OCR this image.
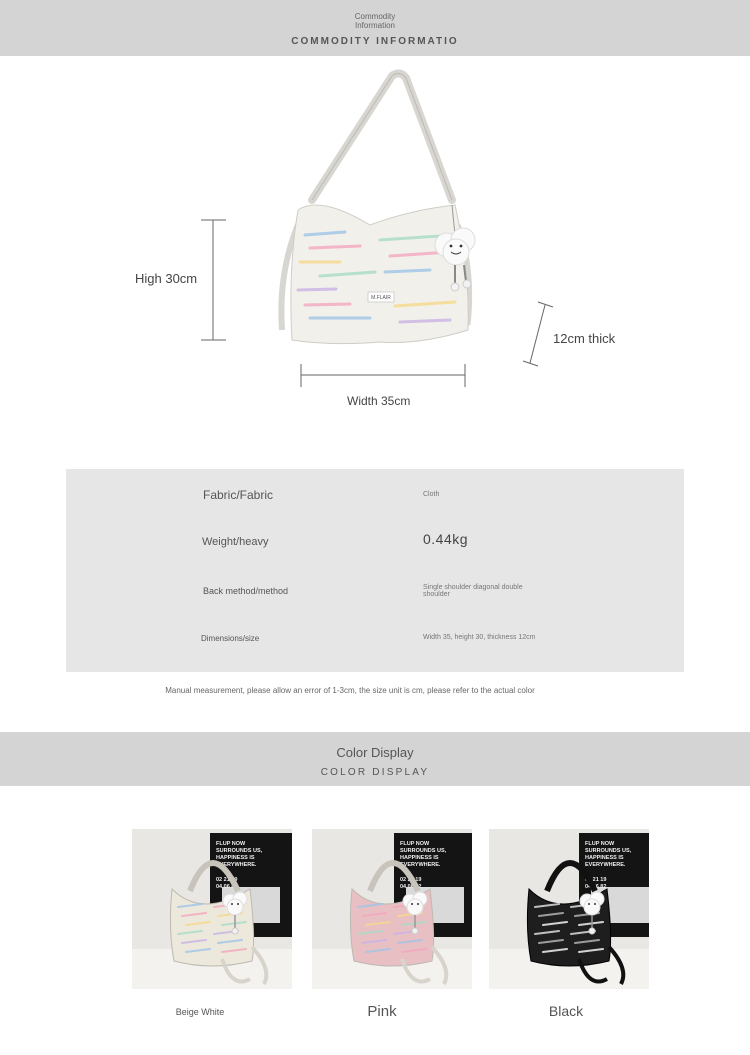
Commodity
Information
COMMODITY INFORMATIO
M.FLAIR
High 30cm
12cm thick
Width 35cm
Fabric/Fabric	Cloth
Weight/heavy	0.44kg
Back method/method	Single shoulder diagonal double
shoulder
Dimensions/size	Width 35, height 30, thickness 12cm
Manual measurement, please allow an error of 1-3cm, the size unit is cm, please refer to the actual color
Color Display
COLOR DISPLAY
FLUP NOW
SURROUNDS US,
HAPPINESS IS
EVERYWHERE.
02 21 19
04 06 82
FLUP NOW
SURROUNDS US,
HAPPINESS IS
EVERYWHERE.
02 21 19
04 06 82
FLUP NOW
SURROUNDS US,
HAPPINESS IS
EVERYWHERE.
02 21 19
04 06 82
Beige White	Pink	Black
